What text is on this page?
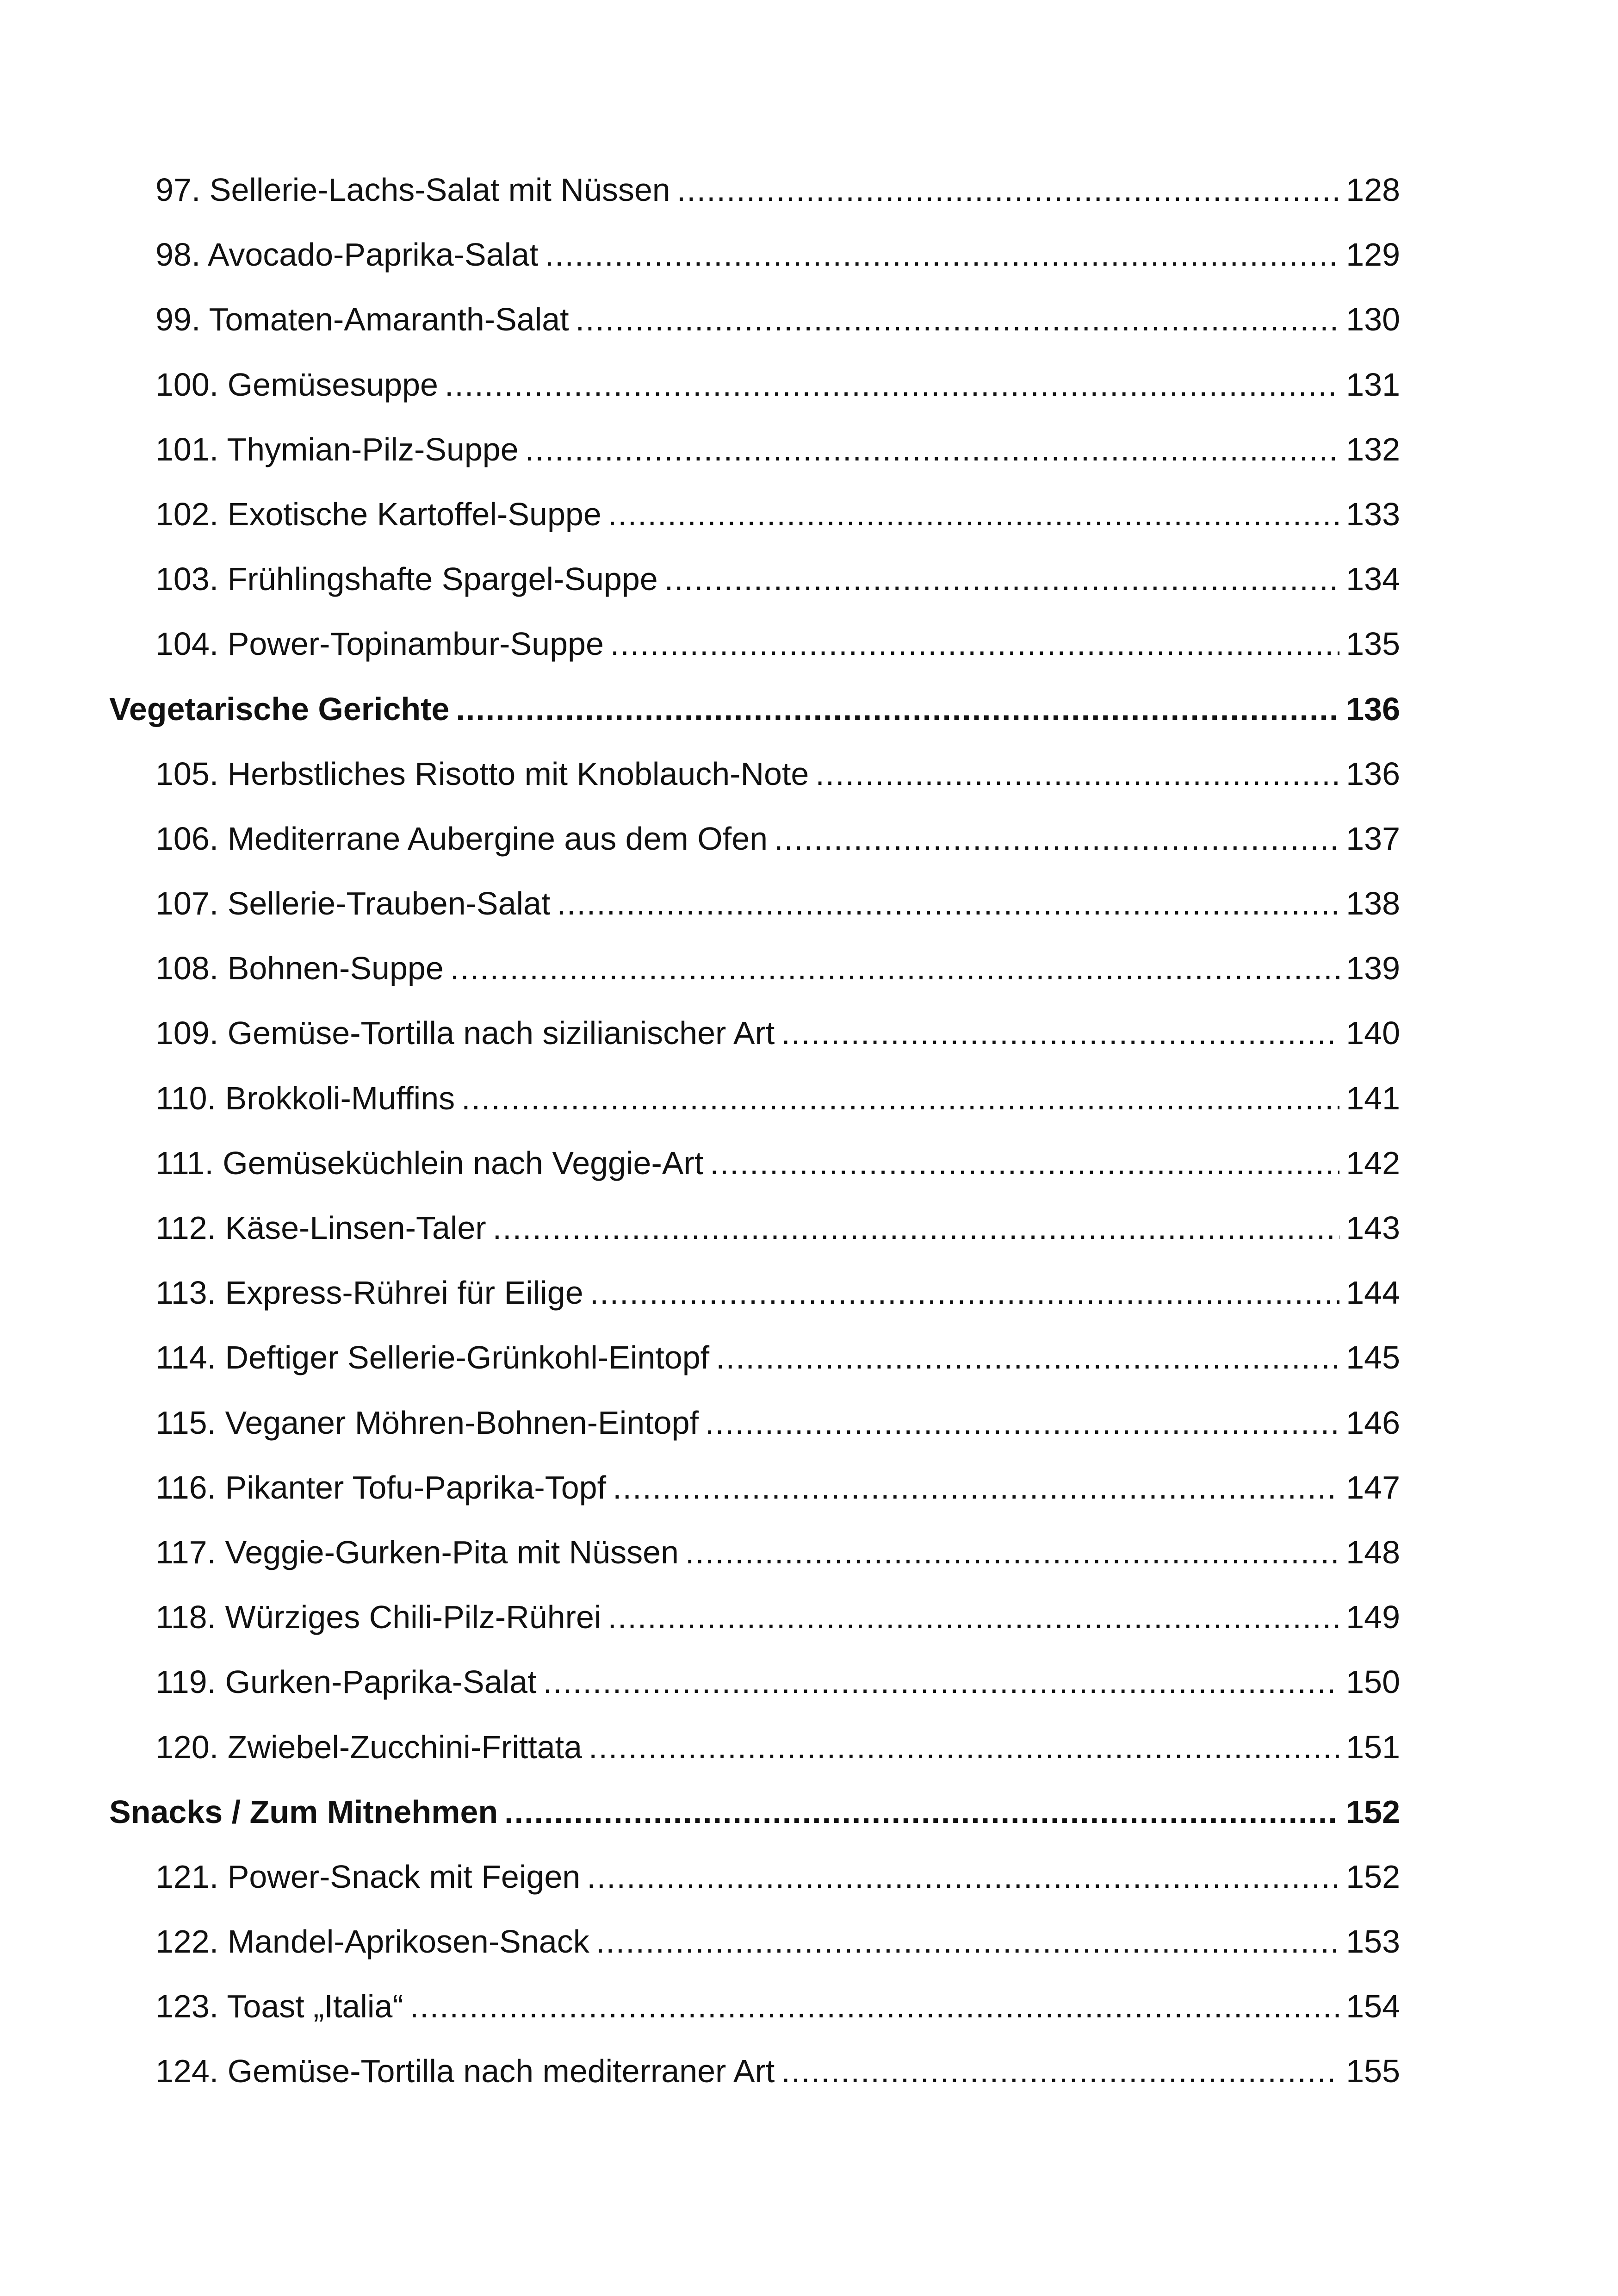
97. Sellerie-Lachs-Salat mit Nüssen .....	128
98. Avocado-Paprika-Salat .....	129
99. Tomaten-Amaranth-Salat .....	130
100. Gemüsesuppe .....	131
101. Thymian-Pilz-Suppe .....	132
102. Exotische Kartoffel-Suppe .....	133
103. Frühlingshafte Spargel-Suppe .....	134
104. Power-Topinambur-Suppe .....	135
Vegetarische Gerichte .....	136
105. Herbstliches Risotto mit Knoblauch-Note .....	136
106. Mediterrane Aubergine aus dem Ofen .....	137
107. Sellerie-Trauben-Salat .....	138
108. Bohnen-Suppe .....	139
109. Gemüse-Tortilla nach sizilianischer Art .....	140
110. Brokkoli-Muffins .....	141
111. Gemüseküchlein nach Veggie-Art .....	142
112. Käse-Linsen-Taler .....	143
113. Express-Rührei für Eilige .....	144
114. Deftiger Sellerie-Grünkohl-Eintopf .....	145
115. Veganer Möhren-Bohnen-Eintopf .....	146
116. Pikanter Tofu-Paprika-Topf .....	147
117. Veggie-Gurken-Pita mit Nüssen .....	148
118. Würziges Chili-Pilz-Rührei .....	149
119. Gurken-Paprika-Salat .....	150
120. Zwiebel-Zucchini-Frittata .....	151
Snacks / Zum Mitnehmen .....	152
121. Power-Snack mit Feigen .....	152
122. Mandel-Aprikosen-Snack .....	153
123. Toast „Italia“ .....	154
124. Gemüse-Tortilla nach mediterraner Art .....	155
